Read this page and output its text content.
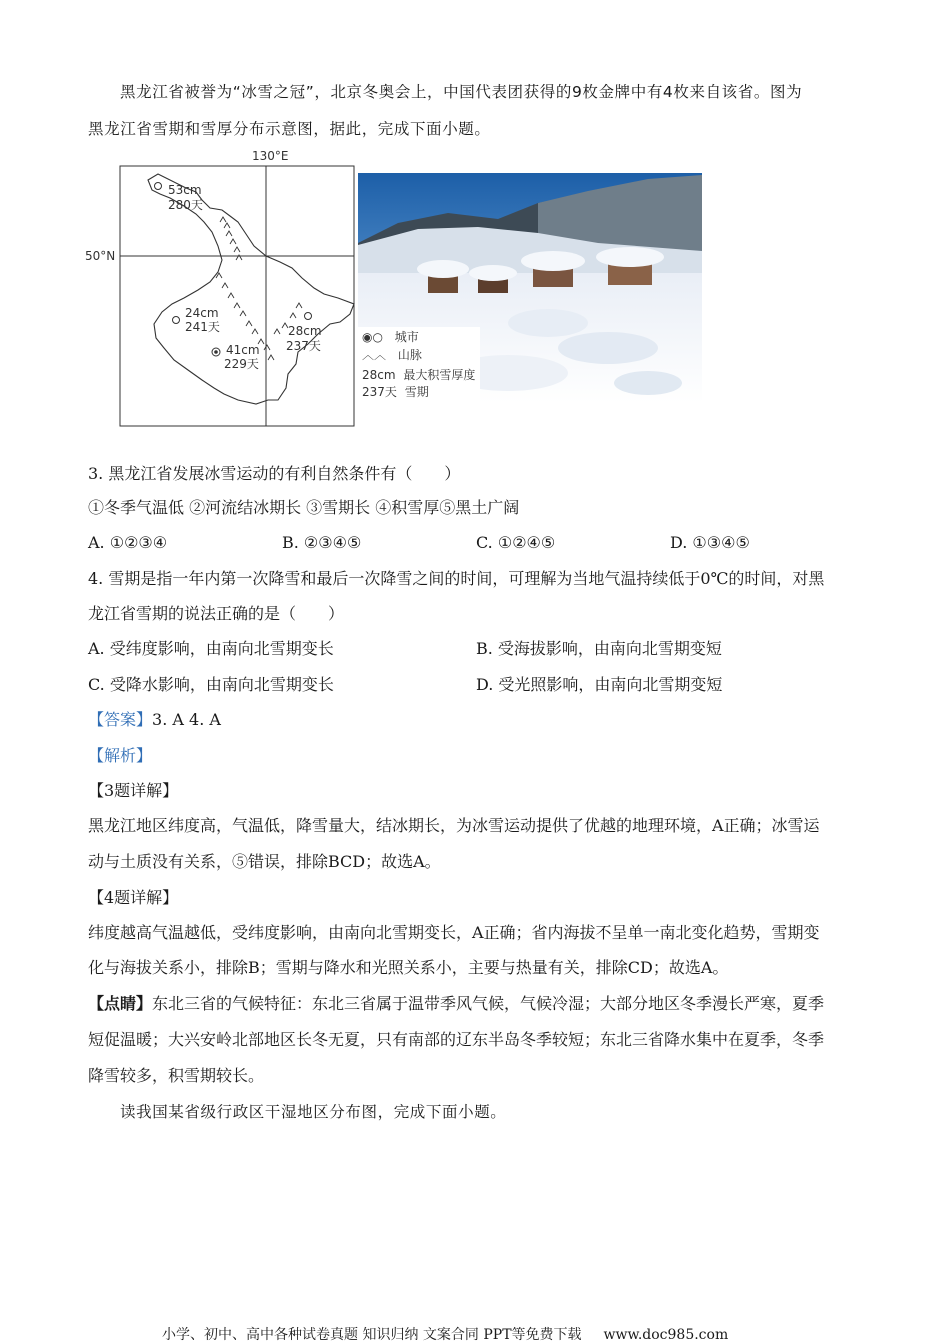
黑龙江省被誉为“冰雪之冠”，北京冬奥会上，中国代表团获得的9枚金牌中有4枚来自该省。图为
黑龙江省雪期和雪厚分布示意图，据此，完成下面小题。
130°E
50°N
53cm
280天
24cm
241天
41cm
229天
28cm
237天
◉○ 城市
︿︿ 山脉
28cm 最大积雪厚度
237天 雪期
3. 黑龙江省发展冰雪运动的有利自然条件有（　　）
①冬季气温低 ②河流结冰期长 ③雪期长 ④积雪厚⑤黑土广阔
A. ①②③④	B. ②③④⑤	C. ①②④⑤	D. ①③④⑤
4. 雪期是指一年内第一次降雪和最后一次降雪之间的时间，可理解为当地气温持续低于0℃的时间，对黑
龙江省雪期的说法正确的是（　　）
A. 受纬度影响，由南向北雪期变长	B. 受海拔影响，由南向北雪期变短
C. 受降水影响，由南向北雪期变长	D. 受光照影响，由南向北雪期变短
【答案】3. A 4. A
【解析】
【3题详解】
黑龙江地区纬度高，气温低，降雪量大，结冰期长，为冰雪运动提供了优越的地理环境，A正确；冰雪运
动与土质没有关系，⑤错误，排除BCD；故选A。
【4题详解】
纬度越高气温越低，受纬度影响，由南向北雪期变长，A正确；省内海拔不呈单一南北变化趋势，雪期变
化与海拔关系小，排除B；雪期与降水和光照关系小，主要与热量有关，排除CD；故选A。
【点睛】东北三省的气候特征：东北三省属于温带季风气候，气候冷湿；大部分地区冬季漫长严寒，夏季
短促温暖；大兴安岭北部地区长冬无夏，只有南部的辽东半岛冬季较短；东北三省降水集中在夏季，冬季
降雪较多，积雪期较长。
读我国某省级行政区干湿地区分布图，完成下面小题。
小学、初中、高中各种试卷真题 知识归纳 文案合同 PPT等免费下载 www.doc985.com
